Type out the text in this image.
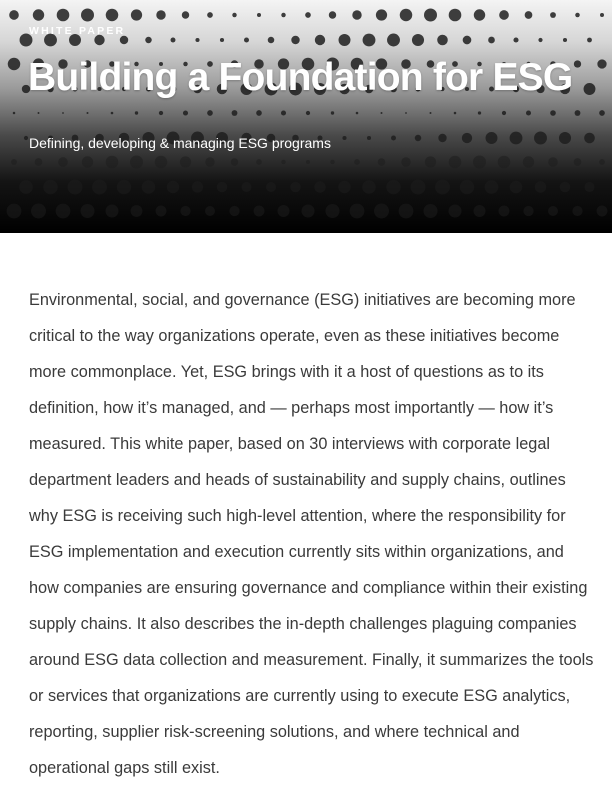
WHITE PAPER
Building a Foundation for ESG
Defining, developing & managing ESG programs

Environmental, social, and governance (ESG) initiatives are becoming more critical to the way organizations operate, even as these initiatives become more commonplace. Yet, ESG brings with it a host of questions as to its definition, how it’s managed, and — perhaps most importantly — how it’s measured. This white paper, based on 30 interviews with corporate legal department leaders and heads of sustainability and supply chains, outlines why ESG is receiving such high-level attention, where the responsibility for ESG implementation and execution currently sits within organizations, and how companies are ensuring governance and compliance within their existing supply chains. It also describes the in-depth challenges plaguing companies around ESG data collection and measurement. Finally, it summarizes the tools or services that organizations are currently using to execute ESG analytics, reporting, supplier risk-screening solutions, and where technical and operational gaps still exist.
